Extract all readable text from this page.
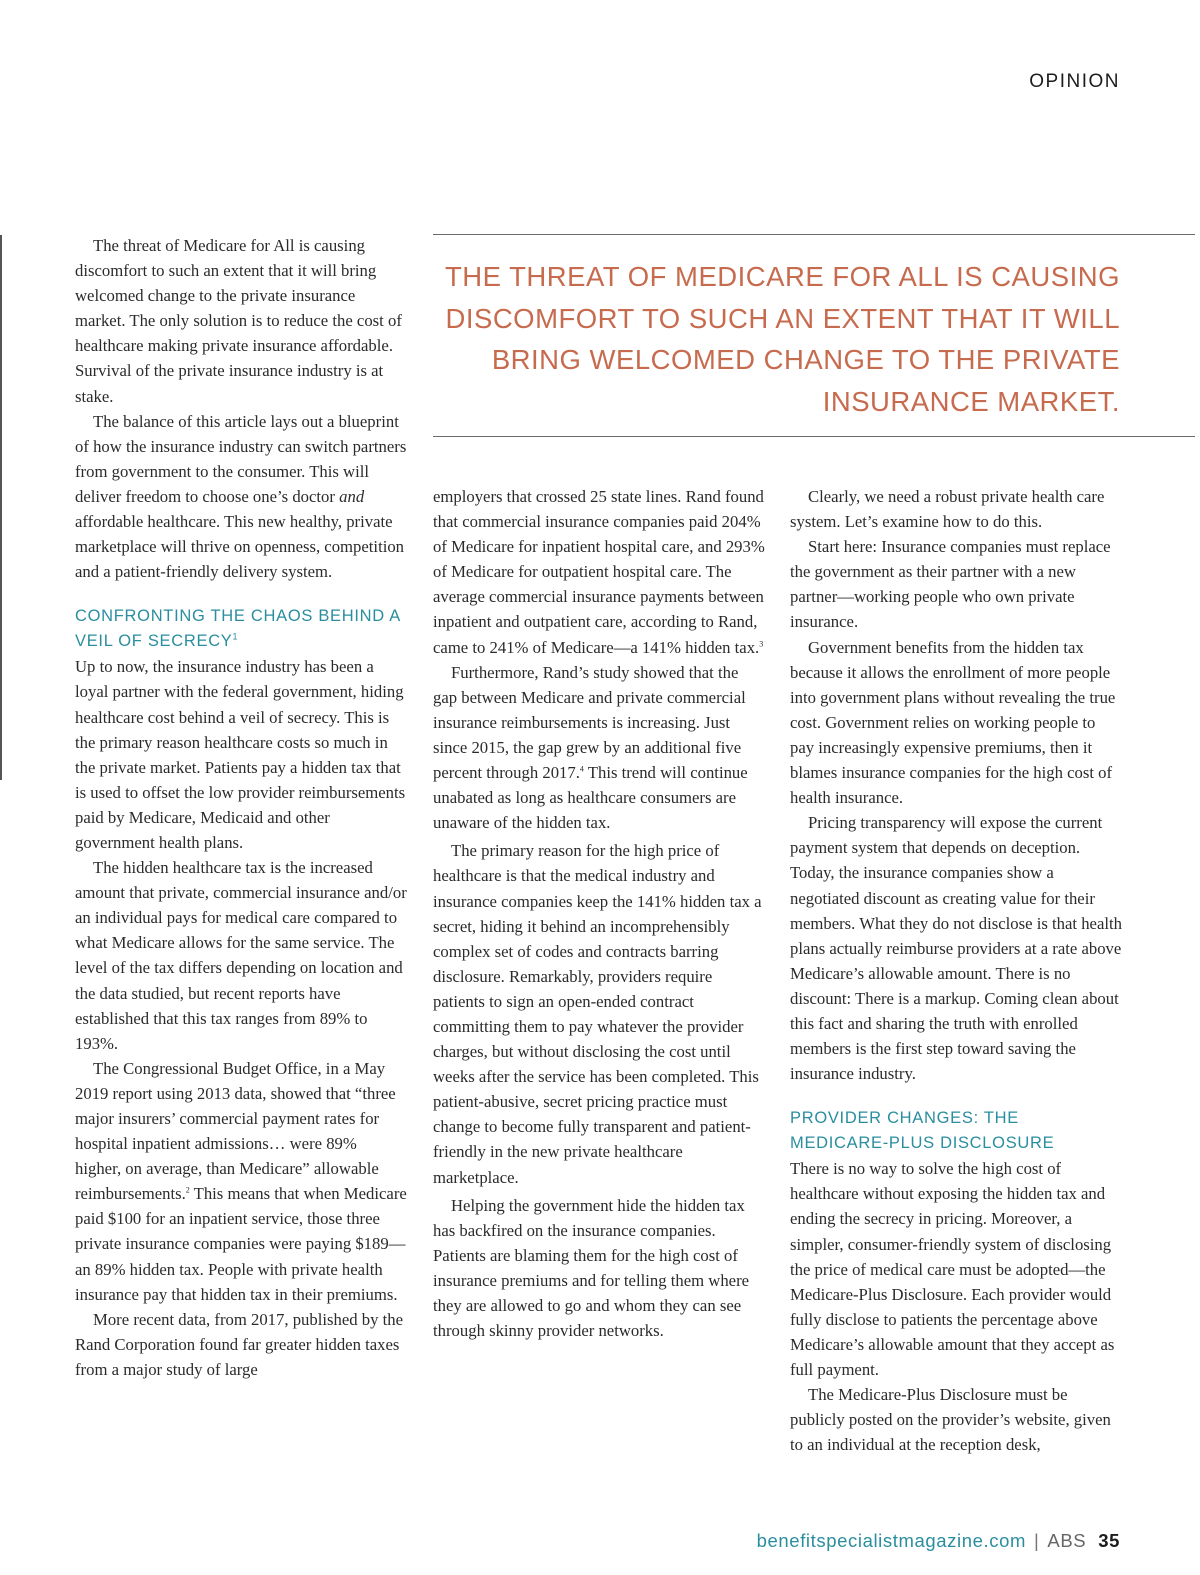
OPINION
THE THREAT OF MEDICARE FOR ALL IS CAUSING DISCOMFORT TO SUCH AN EXTENT THAT IT WILL BRING WELCOMED CHANGE TO THE PRIVATE INSURANCE MARKET.

The threat of Medicare for All is causing discomfort to such an extent that it will bring welcomed change to the private insurance market. The only solution is to reduce the cost of healthcare making private insurance affordable. Survival of the private insurance industry is at stake.

The balance of this article lays out a blueprint of how the insurance industry can switch partners from government to the consumer. This will deliver freedom to choose one’s doctor and affordable healthcare. This new healthy, private marketplace will thrive on openness, competition and a patient-friendly delivery system.

CONFRONTING THE CHAOS BEHIND A VEIL OF SECRECY$^1$

Up to now, the insurance industry has been a loyal partner with the federal government, hiding healthcare cost behind a veil of secrecy. This is the primary reason healthcare costs so much in the private market. Patients pay a hidden tax that is used to offset the low provider reimbursements paid by Medicare, Medicaid and other government health plans.

The hidden healthcare tax is the increased amount that private, commercial insurance and/or an individual pays for medical care compared to what Medicare allows for the same service. The level of the tax differs depending on location and the data studied, but recent reports have established that this tax ranges from 89% to 193%.

The Congressional Budget Office, in a May 2019 report using 2013 data, showed that “three major insurers’ commercial payment rates for hospital inpatient admissions… were 89% higher, on average, than Medicare” allowable reimbursements.$^2$ This means that when Medicare paid $100 for an inpatient service, those three private insurance companies were paying $189—an 89% hidden tax. People with private health insurance pay that hidden tax in their premiums.

More recent data, from 2017, published by the Rand Corporation found far greater hidden taxes from a major study of large

employers that crossed 25 state lines. Rand found that commercial insurance companies paid 204% of Medicare for inpatient hospital care, and 293% of Medicare for outpatient hospital care. The average commercial insurance payments between inpatient and outpatient care, according to Rand, came to 241% of Medicare—a 141% hidden tax.$^3$

Furthermore, Rand’s study showed that the gap between Medicare and private commercial insurance reimbursements is increasing. Just since 2015, the gap grew by an additional five percent through 2017.$^4$ This trend will continue unabated as long as healthcare consumers are unaware of the hidden tax.

The primary reason for the high price of healthcare is that the medical industry and insurance companies keep the 141% hidden tax a secret, hiding it behind an incomprehensibly complex set of codes and contracts barring disclosure. Remarkably, providers require patients to sign an open-ended contract committing them to pay whatever the provider charges, but without disclosing the cost until weeks after the service has been completed. This patient-abusive, secret pricing practice must change to become fully transparent and patient-friendly in the new private healthcare marketplace.

Helping the government hide the hidden tax has backfired on the insurance companies. Patients are blaming them for the high cost of insurance premiums and for telling them where they are allowed to go and whom they can see through skinny provider networks.

Clearly, we need a robust private health care system. Let’s examine how to do this.

Start here: Insurance companies must replace the government as their partner with a new partner—working people who own private insurance.

Government benefits from the hidden tax because it allows the enrollment of more people into government plans without revealing the true cost. Government relies on working people to pay increasingly expensive premiums, then it blames insurance companies for the high cost of health insurance.

Pricing transparency will expose the current payment system that depends on deception. Today, the insurance companies show a negotiated discount as creating value for their members. What they do not disclose is that health plans actually reimburse providers at a rate above Medicare’s allowable amount. There is no discount: There is a markup. Coming clean about this fact and sharing the truth with enrolled members is the first step toward saving the insurance industry.

PROVIDER CHANGES: THE MEDICARE-PLUS DISCLOSURE

There is no way to solve the high cost of healthcare without exposing the hidden tax and ending the secrecy in pricing. Moreover, a simpler, consumer-friendly system of disclosing the price of medical care must be adopted—the Medicare-Plus Disclosure. Each provider would fully disclose to patients the percentage above Medicare’s allowable amount that they accept as full payment.

The Medicare-Plus Disclosure must be publicly posted on the provider’s website, given to an individual at the reception desk,

benefitspecialistmagazine.com | ABS 35
